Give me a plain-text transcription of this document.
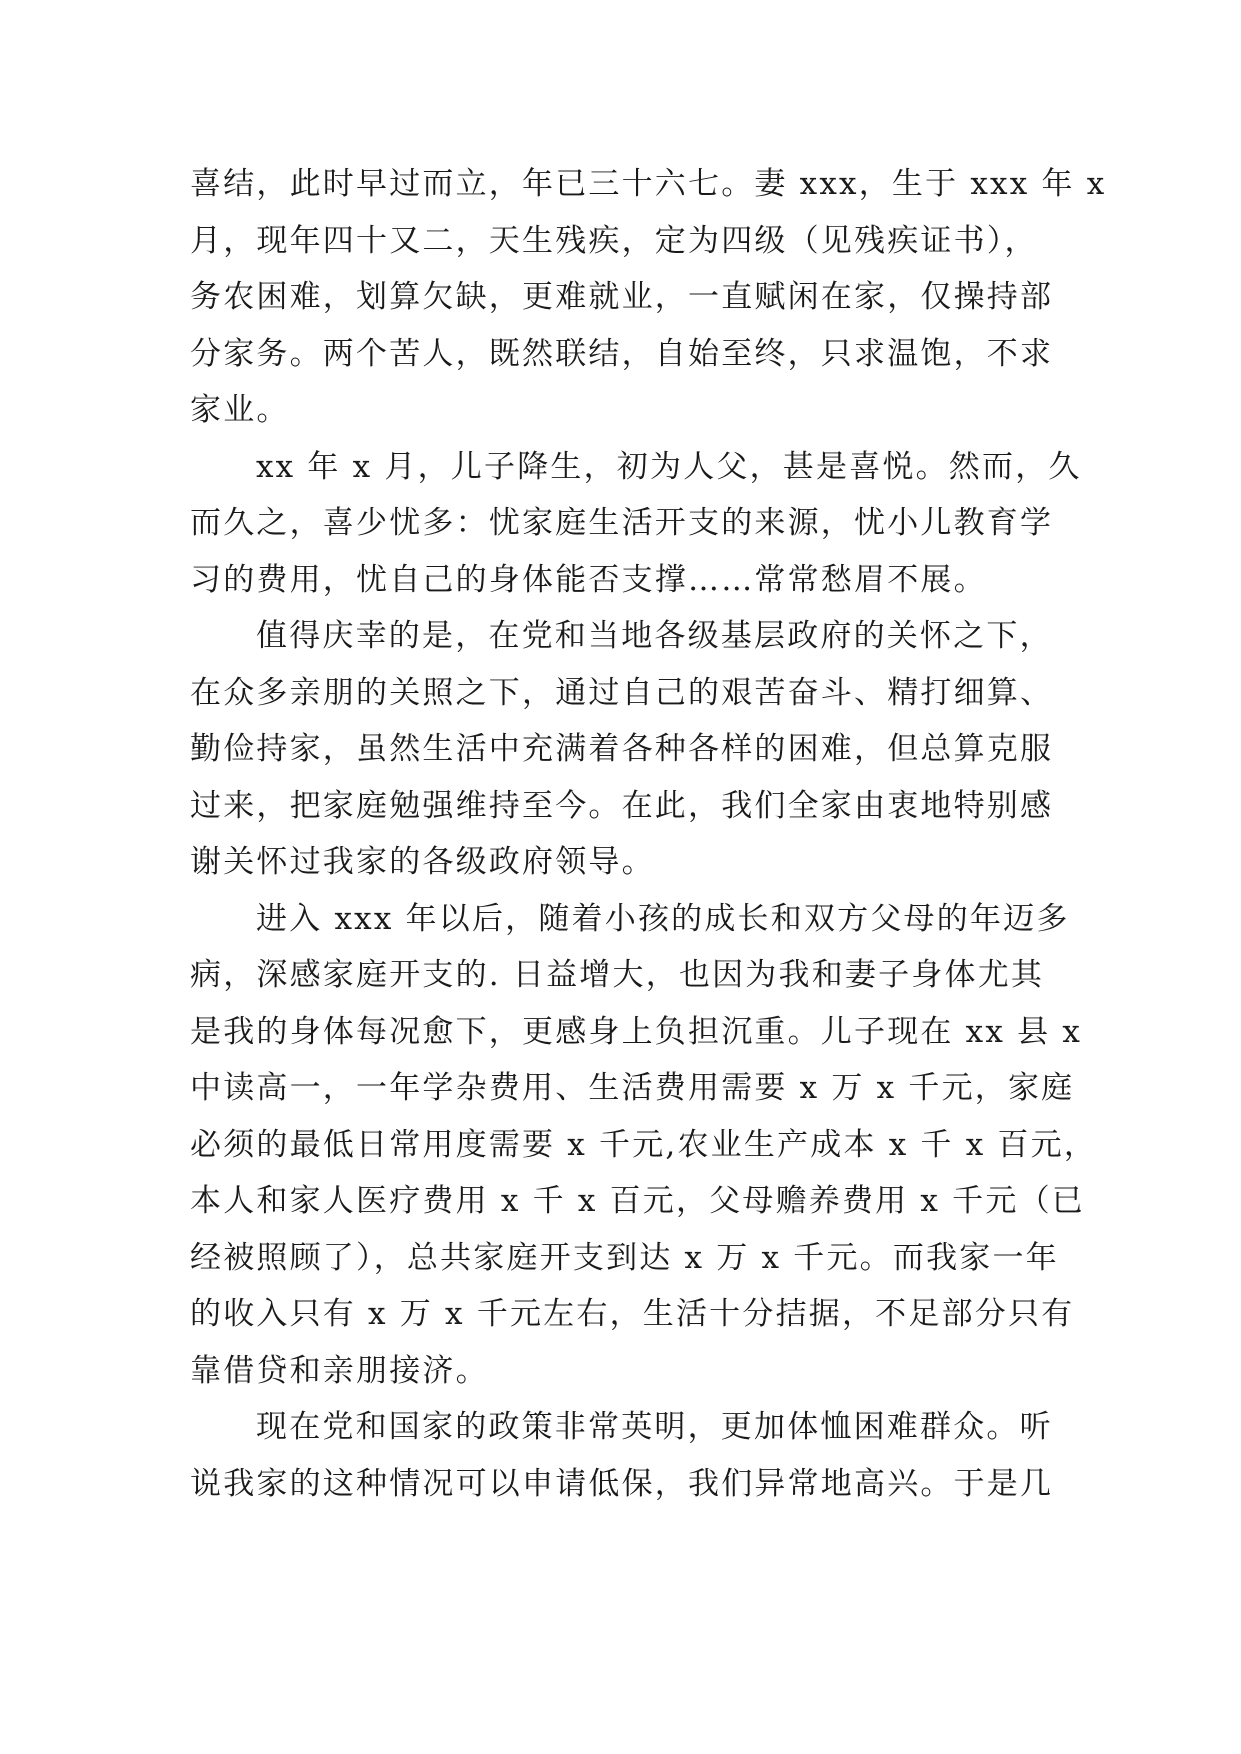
喜结，此时早过而立，年已三十六七。妻 xxx，生于 xxx 年 x
月，现年四十又二，天生残疾，定为四级（见残疾证书），
务农困难，划算欠缺，更难就业，一直赋闲在家，仅操持部
分家务。两个苦人，既然联结，自始至终，只求温饱，不求
家业。

xx 年 x 月，儿子降生，初为人父，甚是喜悦。然而，久
而久之，喜少忧多：忧家庭生活开支的来源，忧小儿教育学
习的费用，忧自己的身体能否支撑……常常愁眉不展。

值得庆幸的是，在党和当地各级基层政府的关怀之下，
在众多亲朋的关照之下，通过自己的艰苦奋斗、精打细算、
勤俭持家，虽然生活中充满着各种各样的困难，但总算克服
过来，把家庭勉强维持至今。在此，我们全家由衷地特别感
谢关怀过我家的各级政府领导。

进入 xxx 年以后，随着小孩的成长和双方父母的年迈多
病，深感家庭开支的. 日益增大，也因为我和妻子身体尤其
是我的身体每况愈下，更感身上负担沉重。儿子现在 xx 县 x
中读高一，一年学杂费用、生活费用需要 x 万 x 千元，家庭
必须的最低日常用度需要 x 千元,农业生产成本 x 千 x 百元，
本人和家人医疗费用 x 千 x 百元，父母赡养费用 x 千元（已
经被照顾了），总共家庭开支到达 x 万 x 千元。而我家一年
的收入只有 x 万 x 千元左右，生活十分拮据，不足部分只有
靠借贷和亲朋接济。

现在党和国家的政策非常英明，更加体恤困难群众。听
说我家的这种情况可以申请低保，我们异常地高兴。于是几
